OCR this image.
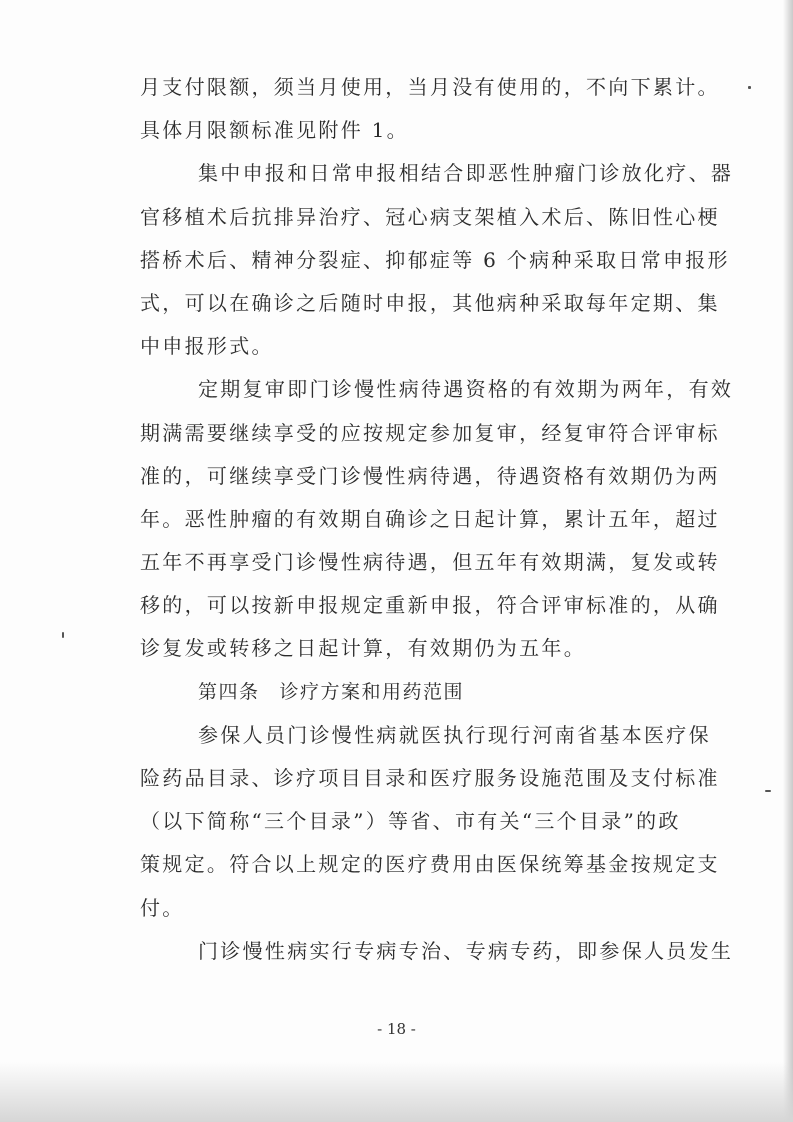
月支付限额，须当月使用，当月没有使用的，不向下累计。
具体月限额标准见附件 1。
集中申报和日常申报相结合即恶性肿瘤门诊放化疗、器
官移植术后抗排异治疗、冠心病支架植入术后、陈旧性心梗
搭桥术后、精神分裂症、抑郁症等 6 个病种采取日常申报形
式，可以在确诊之后随时申报，其他病种采取每年定期、集
中申报形式。
定期复审即门诊慢性病待遇资格的有效期为两年，有效
期满需要继续享受的应按规定参加复审，经复审符合评审标
准的，可继续享受门诊慢性病待遇，待遇资格有效期仍为两
年。恶性肿瘤的有效期自确诊之日起计算，累计五年，超过
五年不再享受门诊慢性病待遇，但五年有效期满，复发或转
移的，可以按新申报规定重新申报，符合评审标准的，从确
诊复发或转移之日起计算，有效期仍为五年。
第四条 诊疗方案和用药范围
参保人员门诊慢性病就医执行现行河南省基本医疗保
险药品目录、诊疗项目目录和医疗服务设施范围及支付标准
（以下简称“三个目录”）等省、市有关“三个目录”的政
策规定。符合以上规定的医疗费用由医保统筹基金按规定支
付。
门诊慢性病实行专病专治、专病专药，即参保人员发生
- 18 -
